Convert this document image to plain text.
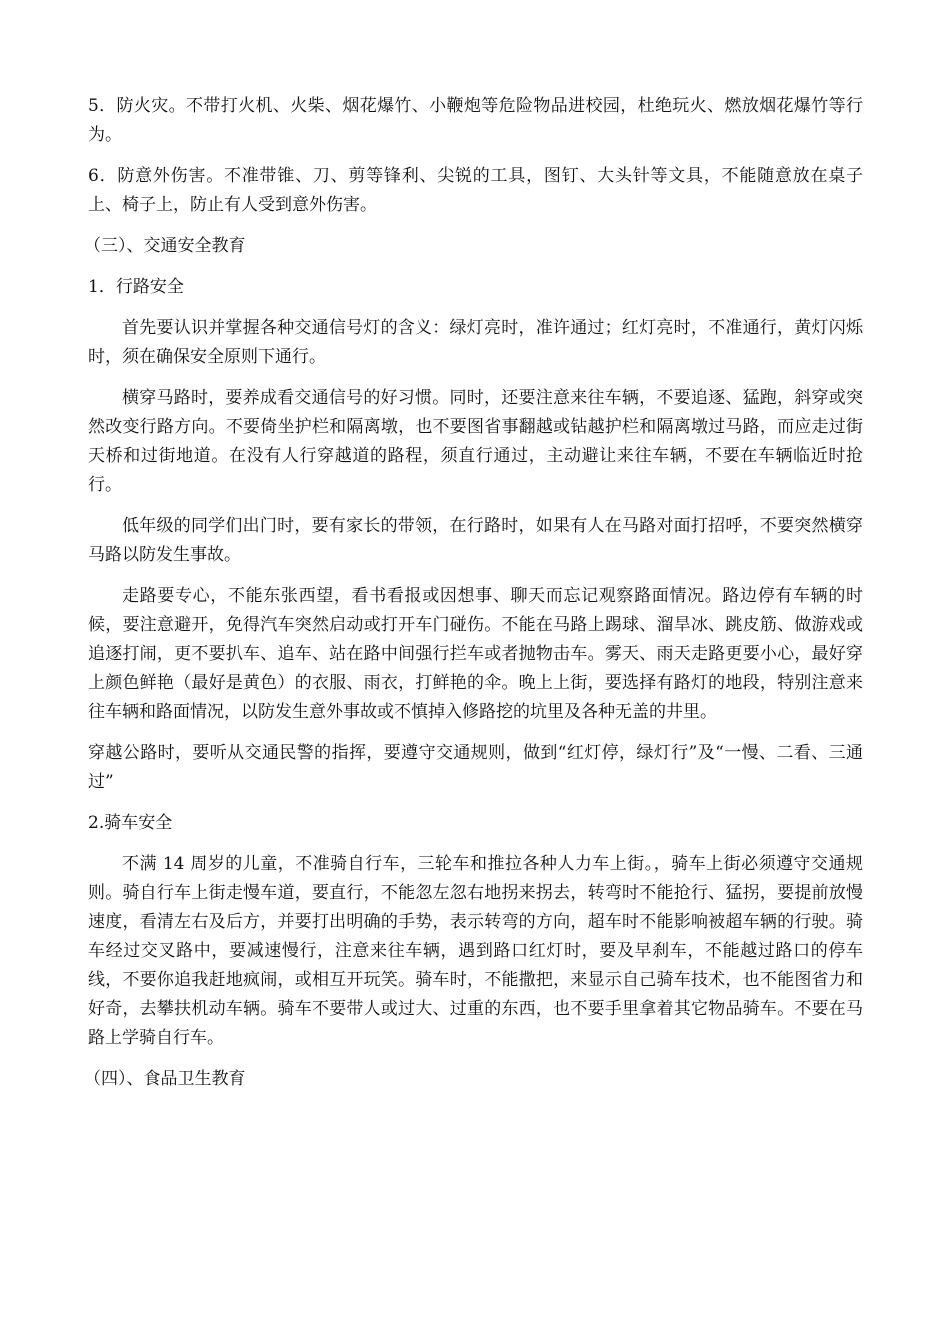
5．防火灾。不带打火机、火柴、烟花爆竹、小鞭炮等危险物品进校园，杜绝玩火、燃放烟花爆竹等行为。

6．防意外伤害。不准带锥、刀、剪等锋利、尖锐的工具，图钉、大头针等文具，不能随意放在桌子上、椅子上，防止有人受到意外伤害。

（三）、交通安全教育

1．行路安全

首先要认识并掌握各种交通信号灯的含义：绿灯亮时，准许通过；红灯亮时，不准通行，黄灯闪烁时，须在确保安全原则下通行。

横穿马路时，要养成看交通信号的好习惯。同时，还要注意来往车辆，不要追逐、猛跑，斜穿或突然改变行路方向。不要倚坐护栏和隔离墩，也不要图省事翻越或钻越护栏和隔离墩过马路，而应走过街天桥和过街地道。在没有人行穿越道的路程，须直行通过，主动避让来往车辆，不要在车辆临近时抢行。

低年级的同学们出门时，要有家长的带领，在行路时，如果有人在马路对面打招呼，不要突然横穿马路以防发生事故。

走路要专心，不能东张西望，看书看报或因想事、聊天而忘记观察路面情况。路边停有车辆的时候，要注意避开，免得汽车突然启动或打开车门碰伤。不能在马路上踢球、溜旱冰、跳皮筋、做游戏或追逐打闹，更不要扒车、追车、站在路中间强行拦车或者抛物击车。雾天、雨天走路更要小心，最好穿上颜色鲜艳（最好是黄色）的衣服、雨衣，打鲜艳的伞。晚上上街，要选择有路灯的地段，特别注意来往车辆和路面情况，以防发生意外事故或不慎掉入修路挖的坑里及各种无盖的井里。

穿越公路时，要听从交通民警的指挥，要遵守交通规则，做到“红灯停，绿灯行”及“一慢、二看、三通过”

2.骑车安全

不满 14 周岁的儿童，不准骑自行车，三轮车和推拉各种人力车上街。，骑车上街必须遵守交通规则。骑自行车上街走慢车道，要直行，不能忽左忽右地拐来拐去，转弯时不能抢行、猛拐，要提前放慢速度，看清左右及后方，并要打出明确的手势，表示转弯的方向，超车时不能影响被超车辆的行驶。骑车经过交叉路中，要减速慢行，注意来往车辆，遇到路口红灯时，要及早刹车，不能越过路口的停车线，不要你追我赶地疯闹，或相互开玩笑。骑车时，不能撒把，来显示自己骑车技术，也不能图省力和好奇，去攀扶机动车辆。骑车不要带人或过大、过重的东西，也不要手里拿着其它物品骑车。不要在马路上学骑自行车。

（四）、食品卫生教育
